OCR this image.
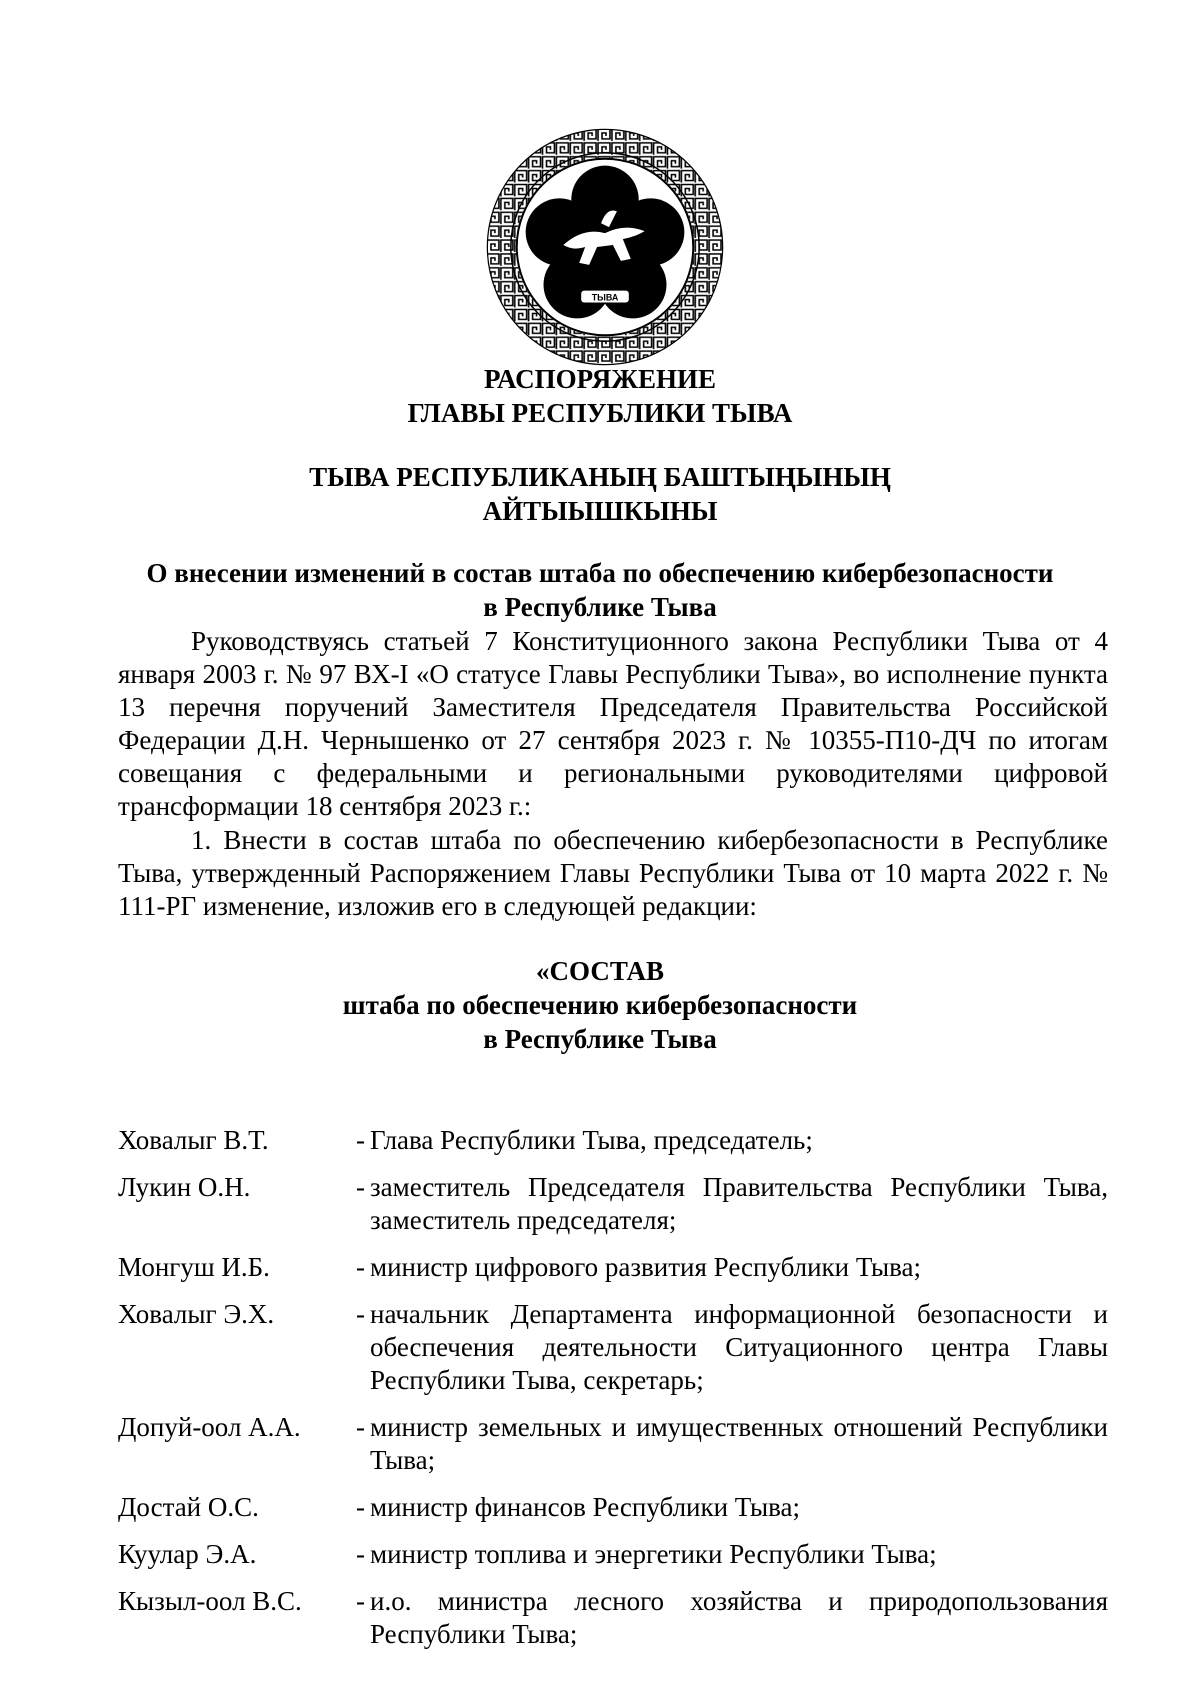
ТЫВА
РАСПОРЯЖЕНИЕ
ГЛАВЫ РЕСПУБЛИКИ ТЫВА
ТЫВА РЕСПУБЛИКАНЫҢ БАШТЫҢЫНЫҢ
АЙТЫЫШКЫНЫ
О внесении изменений в состав штаба по обеспечению кибербезопасности
в Республике Тыва
Руководствуясь статьей 7 Конституционного закона Республики Тыва от 4 января 2003 г. № 97 ВХ-I «О статусе Главы Республики Тыва», во исполнение пункта 13 перечня поручений Заместителя Председателя Правительства Российской Федерации Д.Н. Чернышенко от 27 сентября 2023 г. № 10355-П10-ДЧ по итогам совещания с федеральными и региональными руководителями цифровой трансформации 18 сентября 2023 г.:
1. Внести в состав штаба по обеспечению кибербезопасности в Республике Тыва, утвержденный Распоряжением Главы Республики Тыва от 10 марта 2022 г. № 111-РГ изменение, изложив его в следующей редакции:
«СОСТАВ
штаба по обеспечению кибербезопасности
в Республике Тыва
Ховалыг В.Т.	- Глава Республики Тыва, председатель;
Лукин О.Н.	- заместитель Председателя Правительства Республики Тыва, заместитель председателя;
Монгуш И.Б.	- министр цифрового развития Республики Тыва;
Ховалыг Э.Х.	- начальник Департамента информационной безопасности и обеспечения деятельности Ситуационного центра Главы Республики Тыва, секретарь;
Допуй-оол А.А.	- министр земельных и имущественных отношений Республики Тыва;
Достай О.С.	- министр финансов Республики Тыва;
Куулар Э.А.	- министр топлива и энергетики Республики Тыва;
Кызыл-оол В.С.	- и.о. министра лесного хозяйства и природопользования Республики Тыва;
